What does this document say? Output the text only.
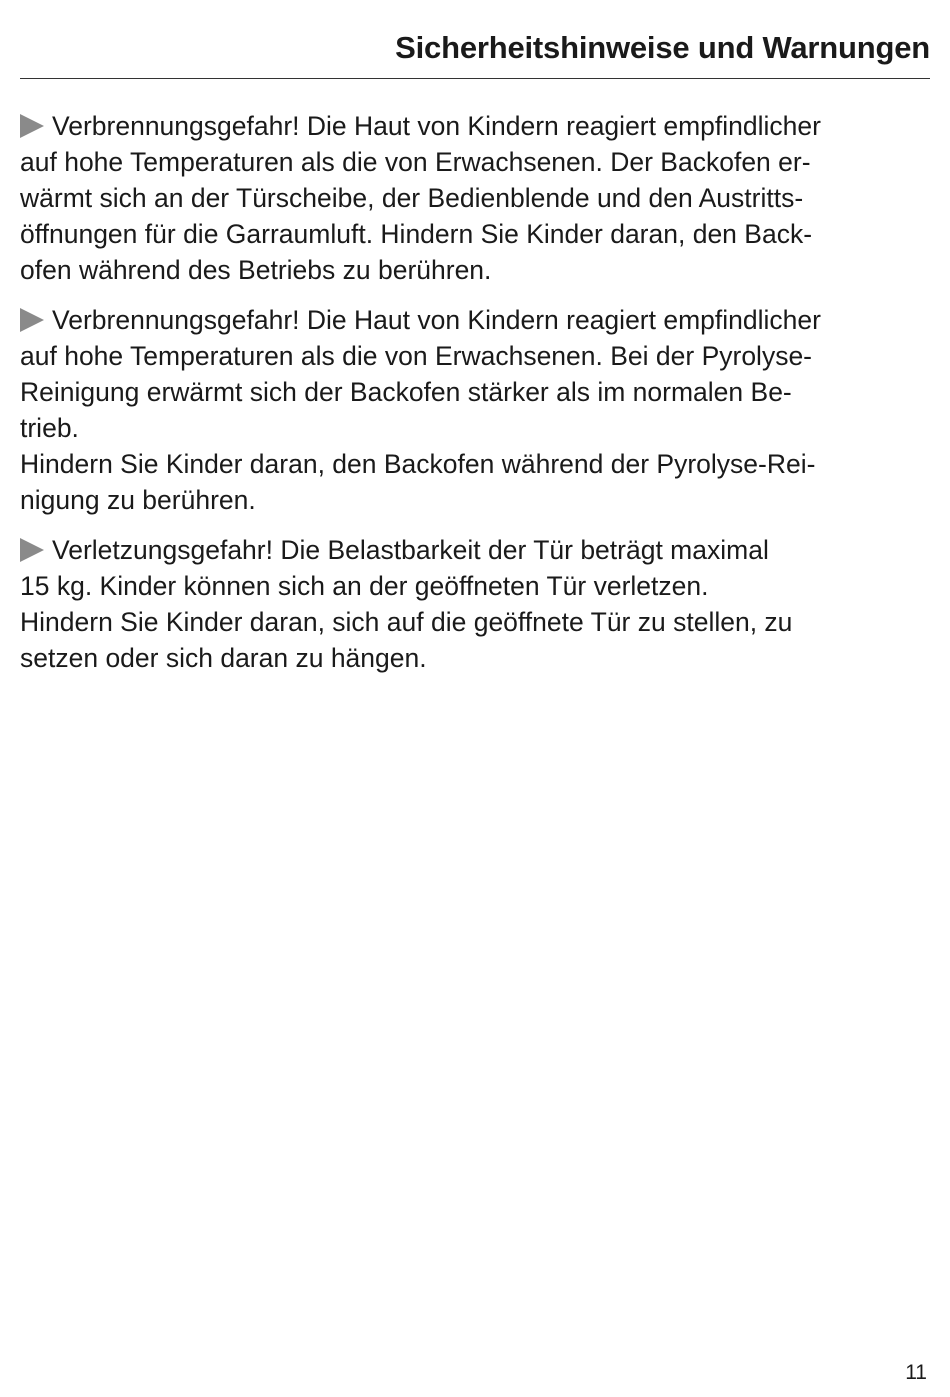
Sicherheitshinweise und Warnungen
Verbrennungsgefahr! Die Haut von Kindern reagiert empfindlicher
auf hohe Temperaturen als die von Erwachsenen. Der Backofen er-
wärmt sich an der Türscheibe, der Bedienblende und den Austritts-
öffnungen für die Garraumluft. Hindern Sie Kinder daran, den Back-
ofen während des Betriebs zu berühren.
Verbrennungsgefahr! Die Haut von Kindern reagiert empfindlicher
auf hohe Temperaturen als die von Erwachsenen. Bei der Pyrolyse-
Reinigung erwärmt sich der Backofen stärker als im normalen Be-
trieb.
Hindern Sie Kinder daran, den Backofen während der Pyrolyse-Rei-
nigung zu berühren.
Verletzungsgefahr! Die Belastbarkeit der Tür beträgt maximal
15 kg. Kinder können sich an der geöffneten Tür verletzen.
Hindern Sie Kinder daran, sich auf die geöffnete Tür zu stellen, zu
setzen oder sich daran zu hängen.
11
